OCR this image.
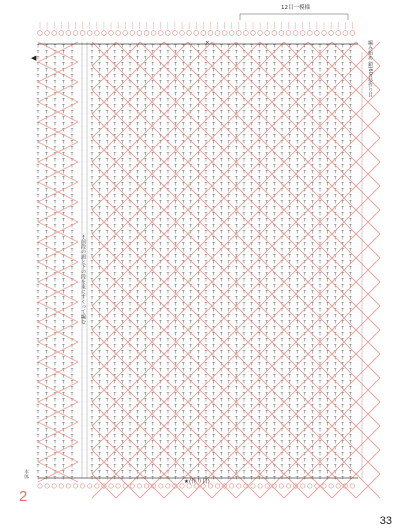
12目一模様
×
◀
←前段の頭と下の段を束にすくって編む
編み始め 鎖(60目)作り目
★(作り目)
本体
2
33
